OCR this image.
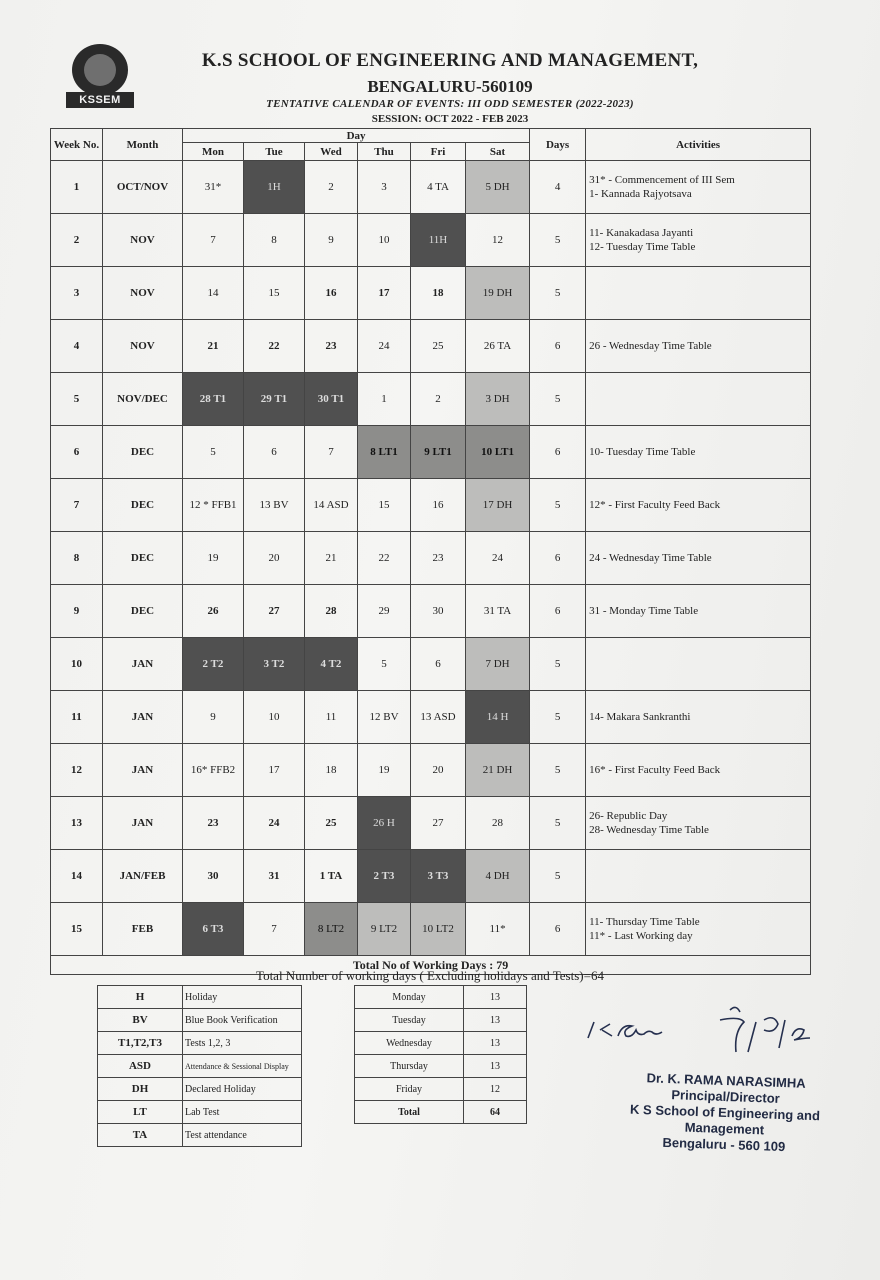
KSSEM
K.S SCHOOL OF ENGINEERING AND MANAGEMENT,
BENGALURU-560109
TENTATIVE CALENDAR OF EVENTS: III ODD SEMESTER (2022-2023)
SESSION: OCT 2022 - FEB 2023
Week No.	Month	Day						Days	Activities
		Mon	Tue	Wed	Thu	Fri	Sat		
1	OCT/NOV	31*	1H	2	3	4 TA	5 DH	4	31* - Commencement of III Sem
1- Kannada Rajyotsava

2	NOV	7	8	9	10	11H	12	5	11- Kanakadasa Jayanti
12- Tuesday Time Table

3	NOV	14	15	16	17	18	19 DH	5	
4	NOV	21	22	23	24	25	26 TA	6	26 - Wednesday Time Table

5	NOV/DEC	28 T1	29 T1	30 T1	1	2	3 DH	5	
6	DEC	5	6	7	8 LT1	9 LT1	10 LT1	6	10- Tuesday Time Table

7	DEC	12 * FFB1	13 BV	14 ASD	15	16	17 DH	5	12* - First Faculty Feed Back

8	DEC	19	20	21	22	23	24	6	24 - Wednesday Time Table

9	DEC	26	27	28	29	30	31 TA	6	31 - Monday Time Table

10	JAN	2 T2	3 T2	4 T2	5	6	7 DH	5	
11	JAN	9	10	11	12 BV	13 ASD	14 H	5	14- Makara Sankranthi

12	JAN	16* FFB2	17	18	19	20	21 DH	5	16* - First Faculty Feed Back

13	JAN	23	24	25	26 H	27	28	5	26- Republic Day
28- Wednesday Time Table

14	JAN/FEB	30	31	1 TA	2 T3	3 T3	4 DH	5	
15	FEB	6 T3	7	8 LT2	9 LT2	10 LT2	11*	6	11- Thursday Time Table
11* - Last Working day

Total No of Working Days : 79									
Total Number of working days ( Excluding holidays and Tests)=64
H	Holiday
BV	Blue Book Verification
T1,T2,T3	Tests 1,2, 3
ASD	Attendance & Sessional Display
DH	Declared Holiday
LT	Lab Test
TA	Test attendance
Monday	13
Tuesday	13
Wednesday	13
Thursday	13
Friday	12
Total	64
Dr. K. RAMA NARASIMHA
Principal/Director
K S School of Engineering and Management
Bengaluru - 560 109
